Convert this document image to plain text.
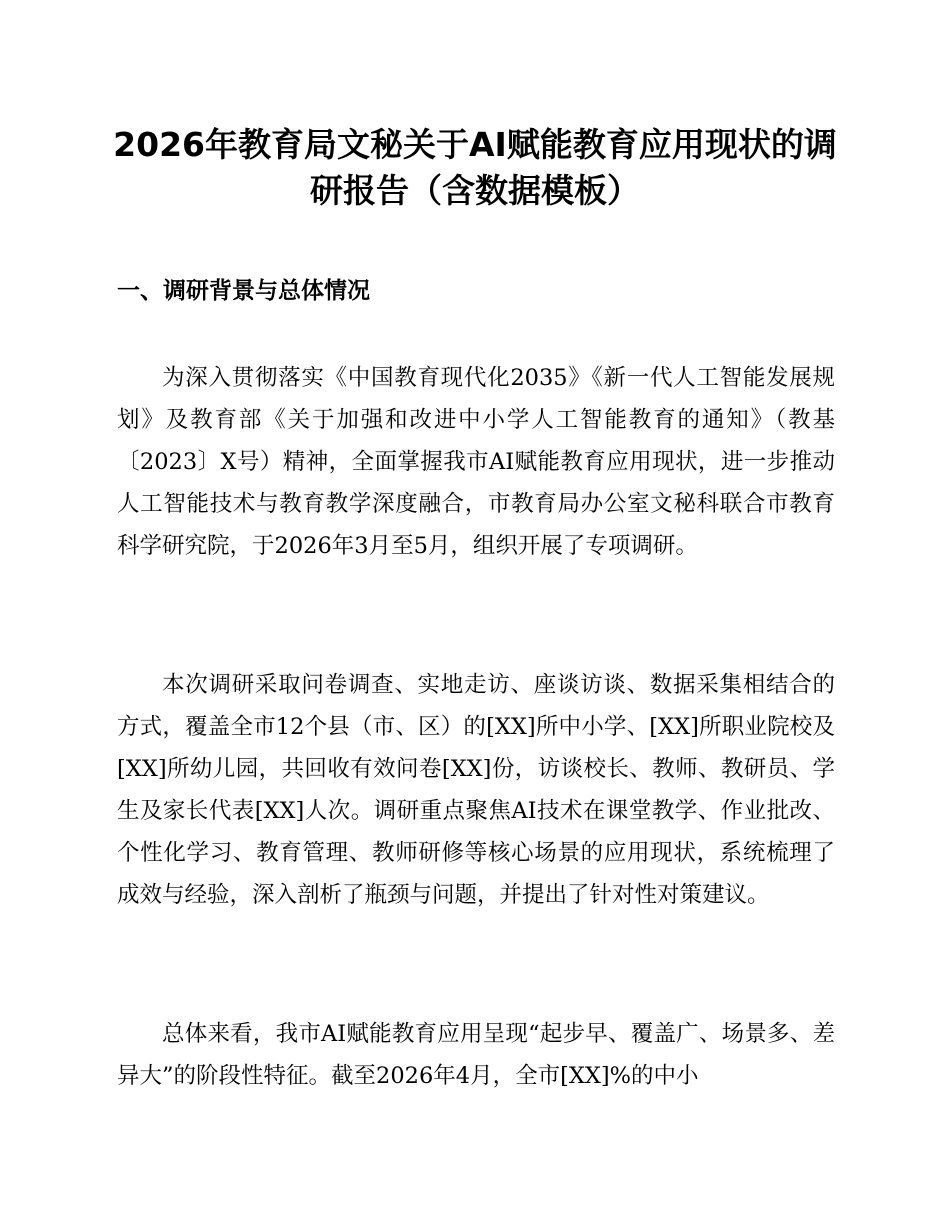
2026年教育局文秘关于AI赋能教育应用现状的调研报告（含数据模板）
一、调研背景与总体情况

为深入贯彻落实《中国教育现代化2035》《新一代人工智能发展规划》及教育部《关于加强和改进中小学人工智能教育的通知》（教基〔2023〕X号）精神，全面掌握我市AI赋能教育应用现状，进一步推动人工智能技术与教育教学深度融合，市教育局办公室文秘科联合市教育科学研究院，于2026年3月至5月，组织开展了专项调研。

本次调研采取问卷调查、实地走访、座谈访谈、数据采集相结合的方式，覆盖全市12个县（市、区）的[XX]所中小学、[XX]所职业院校及[XX]所幼儿园，共回收有效问卷[XX]份，访谈校长、教师、教研员、学生及家长代表[XX]人次。调研重点聚焦AI技术在课堂教学、作业批改、个性化学习、教育管理、教师研修等核心场景的应用现状，系统梳理了成效与经验，深入剖析了瓶颈与问题，并提出了针对性对策建议。

总体来看，我市AI赋能教育应用呈现“起步早、覆盖广、场景多、差异大”的阶段性特征。截至2026年4月，全市[XX]%的中小
